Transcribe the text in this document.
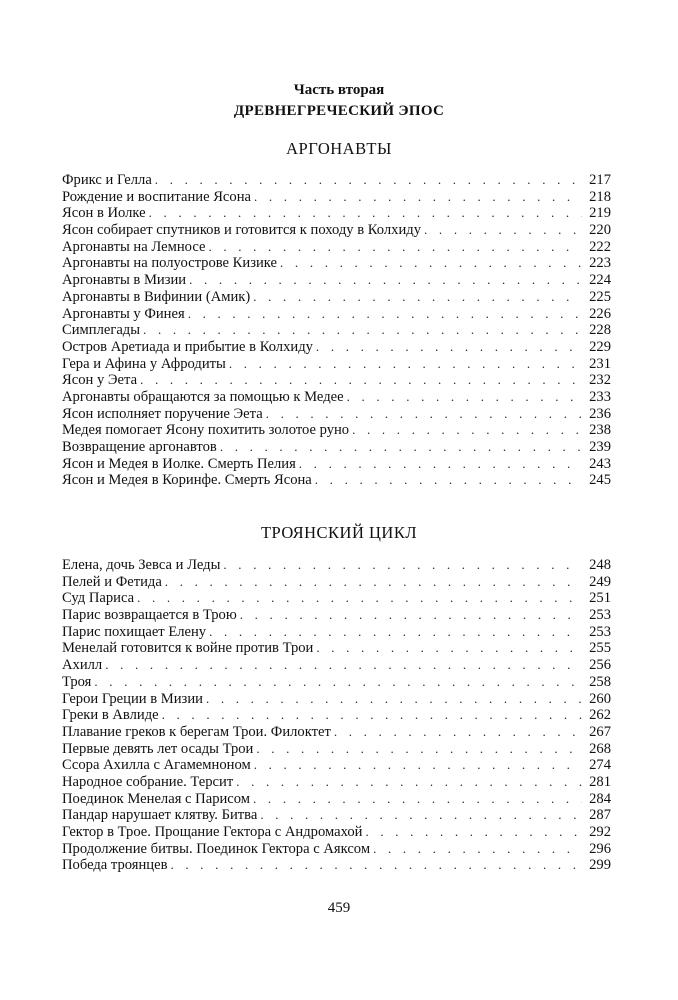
Часть вторая
ДРЕВНЕГРЕЧЕСКИЙ ЭПОС
АРГОНАВТЫ
Фрикс и Гелла . . .	217
Рождение и воспитание Ясона . . .	218
Ясон в Иолке . . .	219
Ясон собирает спутников и готовится к походу в Колхиду . . .	220
Аргонавты на Лемносе . . .	222
Аргонавты на полуострове Кизике . . .	223
Аргонавты в Мизии . . .	224
Аргонавты в Вифинии (Амик) . . .	225
Аргонавты у Финея . . .	226
Симплегады . . .	228
Остров Аретиада и прибытие в Колхиду . . .	229
Гера и Афина у Афродиты . . .	231
Ясон у Эета . . .	232
Аргонавты обращаются за помощью к Медее . . .	233
Ясон исполняет поручение Эета . . .	236
Медея помогает Ясону похитить золотое руно . . .	238
Возвращение аргонавтов . . .	239
Ясон и Медея в Иолке. Смерть Пелия . . .	243
Ясон и Медея в Коринфе. Смерть Ясона . . .	245
ТРОЯНСКИЙ ЦИКЛ
Елена, дочь Зевса и Леды . . .	248
Пелей и Фетида . . .	249
Суд Париса . . .	251
Парис возвращается в Трою . . .	253
Парис похищает Елену . . .	253
Менелай готовится к войне против Трои . . .	255
Ахилл . . .	256
Троя . . .	258
Герои Греции в Мизии . . .	260
Греки в Авлиде . . .	262
Плавание греков к берегам Трои. Филоктет . . .	267
Первые девять лет осады Трои . . .	268
Ссора Ахилла с Агамемноном . . .	274
Народное собрание. Терсит . . .	281
Поединок Менелая с Парисом . . .	284
Пандар нарушает клятву. Битва . . .	287
Гектор в Трое. Прощание Гектора с Андромахой . . .	292
Продолжение битвы. Поединок Гектора с Аяксом . . .	296
Победа троянцев . . .	299
459
